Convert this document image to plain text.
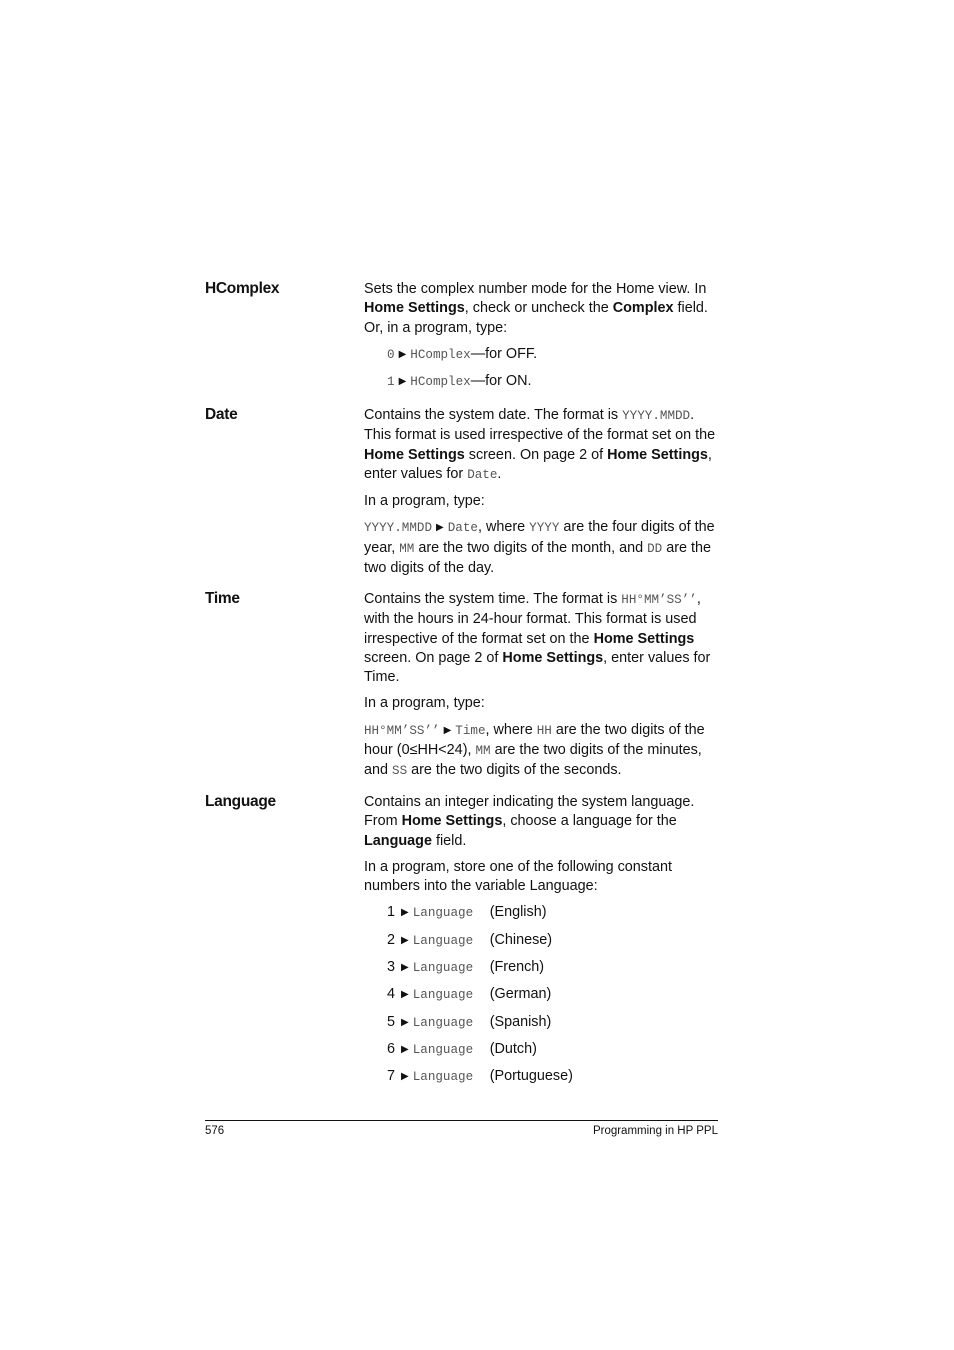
HComplex	Sets the complex number mode for the Home view. In Home Settings, check or uncheck the Complex field. Or, in a program, type:

0 ▶ HComplex—for OFF.

1 ▶ HComplex—for ON.

Date	Contains the system date. The format is YYYY.MMDD. This format is used irrespective of the format set on the Home Settings screen. On page 2 of Home Settings, enter values for Date.

In a program, type:

YYYY.MMDD ▶ Date, where YYYY are the four digits of the year, MM are the two digits of the month, and DD are the two digits of the day.

Time	Contains the system time. The format is HH°MM’SS’’, with the hours in 24-hour format. This format is used irrespective of the format set on the Home Settings screen. On page 2 of Home Settings, enter values for Time.

In a program, type:

HH°MM’SS’’ ▶ Time, where HH are the two digits of the hour (0≤HH<24), MM are the two digits of the minutes, and SS are the two digits of the seconds.

Language	Contains an integer indicating the system language. From Home Settings, choose a language for the Language field.

In a program, store one of the following constant numbers into the variable Language:

1 ▶ Language (English)

2 ▶ Language (Chinese)

3 ▶ Language (French)

4 ▶ Language (German)

5 ▶ Language (Spanish)

6 ▶ Language (Dutch)

7 ▶ Language (Portuguese)

576	Programming in HP PPL
